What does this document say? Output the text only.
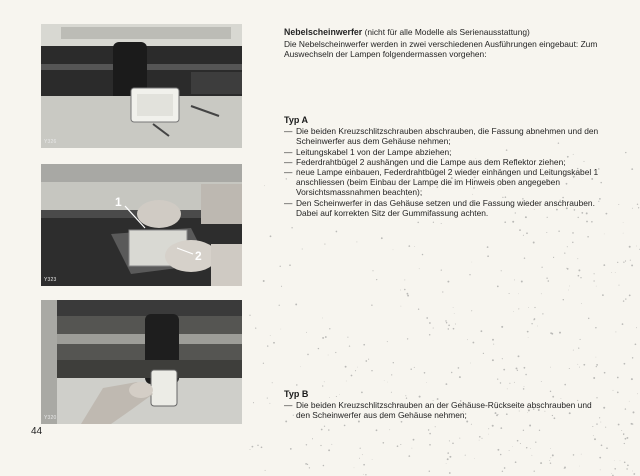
Y326
1
2
Y323
Y320
44
Nebelscheinwerfer (nicht für alle Modelle als Serienausstattung)

Die Nebelscheinwerfer werden in zwei verschiedenen Ausführungen eingebaut: Zum Auswechseln der Lampen folgendermassen vorgehen:

Typ A
— Die beiden Kreuzschlitzschrauben abschrauben, die Fassung abnehmen und den Scheinwerfer aus dem Gehäuse nehmen;
— Leitungskabel 1 von der Lampe abziehen;
— Federdrahtbügel 2 aushängen und die Lampe aus dem Reflektor ziehen;
— neue Lampe einbauen, Federdrahtbügel 2 wieder einhängen und Leitungskabel 1 anschliessen (beim Einbau der Lampe die im Hinweis oben angegeben Vorsichtsmassnahmen beachten);
— Den Scheinwerfer in das Gehäuse setzen und die Fassung wieder anschrauben. Dabei auf korrekten Sitz der Gummifassung achten.
Typ B
— Die beiden Kreuzschlitzschrauben an der Gehäuse-Rückseite abschrauben und den Scheinwerfer aus dem Gehäuse nehmen;
